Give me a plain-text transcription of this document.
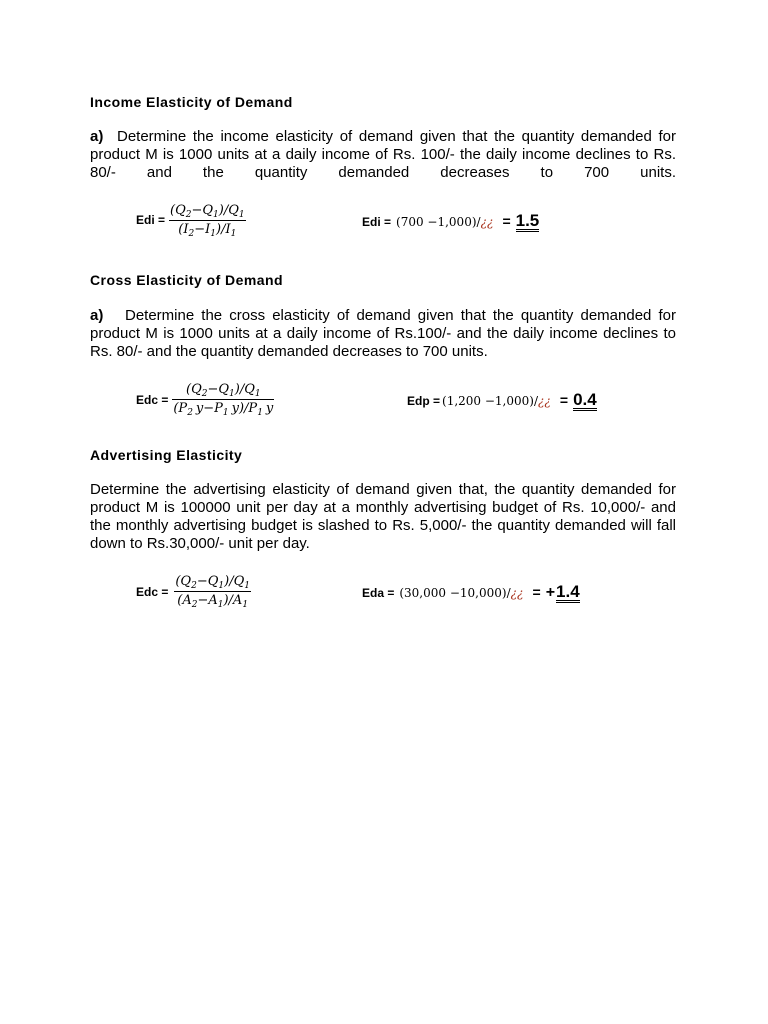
Income Elasticity of Demand
a) Determine the income elasticity of demand given that the quantity demanded for
product M is 1000 units at a daily income of Rs. 100/- the daily income declines to Rs.
80/- and the quantity demanded decreases to 700 units.
Edi = $\frac{(Q_2-Q_1)/Q_1}{(I_2-I_1)/I_1}$	Edi = (700 −1,000)/ ¿¿ = 1.5
Cross Elasticity of Demand
a) Determine the cross elasticity of demand given that the quantity demanded for
product M is 1000 units at a daily income of Rs.100/- and the daily income declines to
Rs. 80/- and the quantity demanded decreases to 700 units.
Edc = $\frac{(Q_2-Q_1)/Q_1}{(P_2 y-P_1 y)/P_1 y}$	Edp = (1,200 −1,000)/ ¿¿ = 0.4
Advertising Elasticity
Determine the advertising elasticity of demand given that, the quantity demanded for
product M is 100000 unit per day at a monthly advertising budget of Rs. 10,000/- and
the monthly advertising budget is slashed to Rs. 5,000/- the quantity demanded will fall
down to Rs.30,000/- unit per day.
Edc = $\frac{(Q_2-Q_1)/Q_1}{(A_2-A_1)/A_1}$	Eda = (30,000 −10,000)/ ¿¿ = + 1.4
